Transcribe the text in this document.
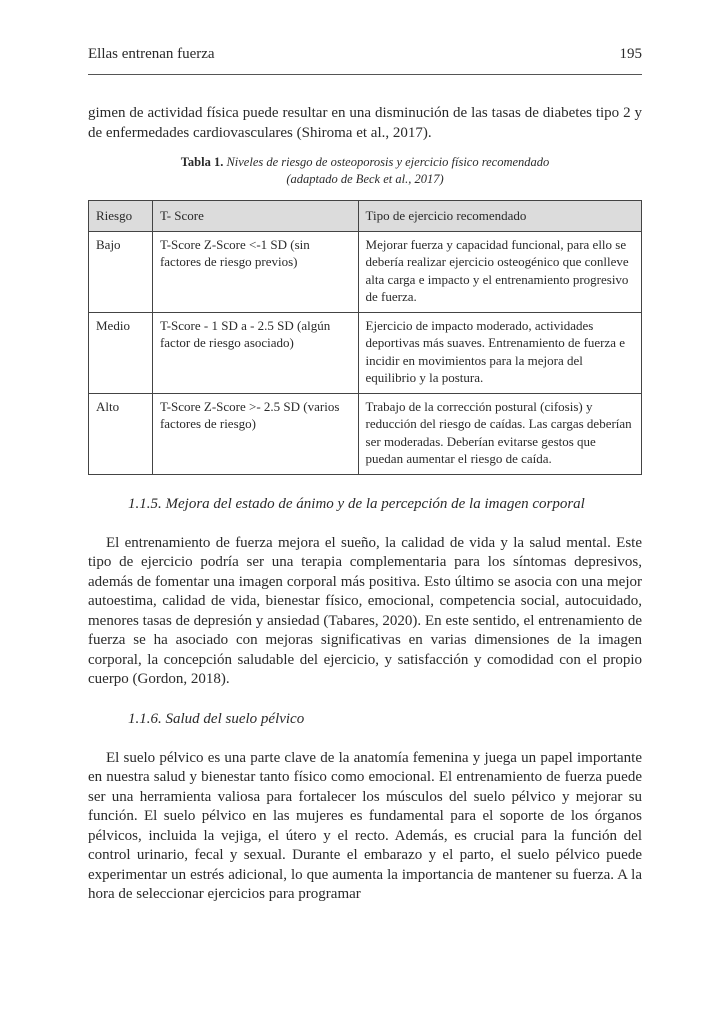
Ellas entrenan fuerza	195

gimen de actividad física puede resultar en una disminución de las tasas de diabetes tipo 2 y de enfermedades cardiovasculares (Shiroma et al., 2017).

Tabla 1. Niveles de riesgo de osteoporosis y ejercicio físico recomendado
(adaptado de Beck et al., 2017)
Riesgo	T- Score	Tipo de ejercicio recomendado
Bajo	T-Score Z-Score <-1 SD (sin factores de riesgo previos)	Mejorar fuerza y capacidad funcional, para ello se debería realizar ejercicio osteogénico que conlleve alta carga e impacto y el entrenamiento progresivo de fuerza.
Medio	T-Score - 1 SD a - 2.5 SD (algún factor de riesgo asociado)	Ejercicio de impacto moderado, actividades deportivas más suaves. Entrenamiento de fuerza e incidir en movimientos para la mejora del equilibrio y la postura.
Alto	T-Score Z-Score >- 2.5 SD (varios factores de riesgo)	Trabajo de la corrección postural (cifosis) y reducción del riesgo de caídas. Las cargas deberían ser moderadas. Deberían evitarse gestos que puedan aumentar el riesgo de caída.
1.1.5. Mejora del estado de ánimo y de la percepción de la imagen corporal

El entrenamiento de fuerza mejora el sueño, la calidad de vida y la salud mental. Este tipo de ejercicio podría ser una terapia complementaria para los síntomas depresivos, además de fomentar una imagen corporal más positiva. Esto último se asocia con una mejor autoestima, calidad de vida, bienestar físico, emocional, competencia social, autocuidado, menores tasas de depresión y ansiedad (Tabares, 2020). En este sentido, el entrenamiento de fuerza se ha asociado con mejoras significativas en varias dimensiones de la imagen corporal, la concepción saludable del ejercicio, y satisfacción y comodidad con el propio cuerpo (Gordon, 2018).

1.1.6. Salud del suelo pélvico

El suelo pélvico es una parte clave de la anatomía femenina y juega un papel importante en nuestra salud y bienestar tanto físico como emocional. El entrenamiento de fuerza puede ser una herramienta valiosa para fortalecer los músculos del suelo pélvico y mejorar su función. El suelo pélvico en las mujeres es fundamental para el soporte de los órganos pélvicos, incluida la vejiga, el útero y el recto. Además, es crucial para la función del control urinario, fecal y sexual. Durante el embarazo y el parto, el suelo pélvico puede experimentar un estrés adicional, lo que aumenta la importancia de mantener su fuerza. A la hora de seleccionar ejercicios para programar
